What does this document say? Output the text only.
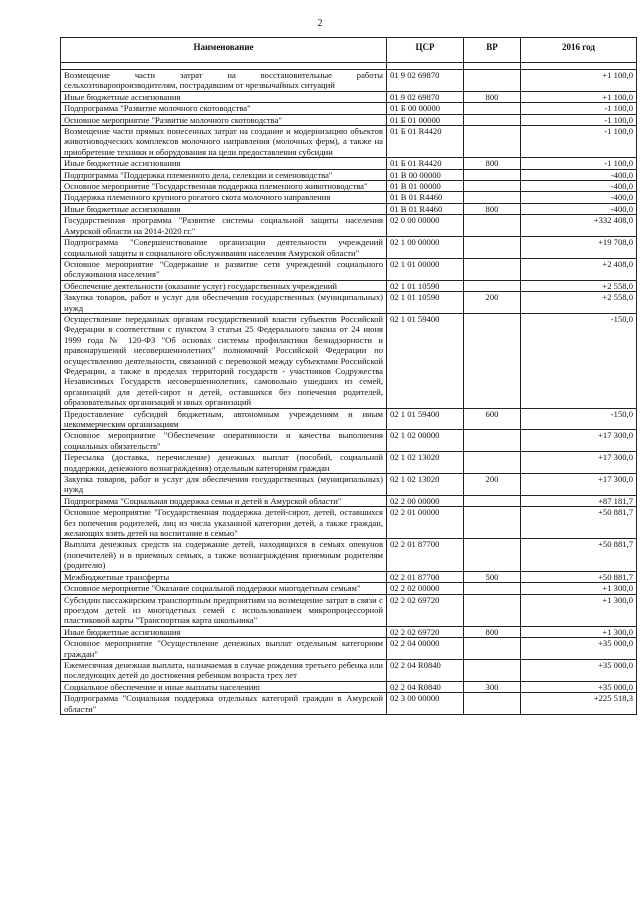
2
Наименование	ЦСР	ВР	2016 год

Возмещение части затрат на восстановительные работы сельхозтоваропроизводителям, пострадавшим от чрезвычайных ситуаций	01 9 02 69870		+1 100,0
Иные бюджетные ассигнования	01 9 02 69870	800	+1 100,0
Подпрограмма "Развитие молочного скотоводства"	01 Б 00 00000		-1 100,0
Основное мероприятие "Развитие молочного скотоводства"	01 Б 01 00000		-1 100,0
Возмещение части прямых понесенных затрат на создание и модернизацию объектов животноводческих комплексов молочного направления (молочных ферм), а также на приобретение техники и оборудования на цели предоставления субсидии	01 Б 01 R4420		-1 100,0
Иные бюджетные ассигнования	01 Б 01 R4420	800	-1 100,0
Подпрограмма "Поддержка племенного дела, селекции и семеноводства"	01 В 00 00000		-400,0
Основное мероприятие "Государственная поддержка племенного животноводства"	01 В 01 00000		-400,0
Поддержка племенного крупного рогатого скота молочного направления	01 В 01 R4460		-400,0
Иные бюджетные ассигнования	01 В 01 R4460	800	-400,0
Государственная программа "Развитие системы социальной защиты населения Амурской области на 2014-2020 гг."	02 0 00 00000		+332 408,0
Подпрограмма "Совершенствование организации деятельности учреждений социальной защиты и социального обслуживания населения Амурской области"	02 1 00 00000		+19 708,0
Основное мероприятие "Содержание и развитие сети учреждений социального обслуживания населения"	02 1 01 00000		+2 408,0
Обеспечение деятельности (оказание услуг) государственных учреждений	02 1 01 10590		+2 558,0
Закупка товаров, работ и услуг для обеспечения государственных (муниципальных) нужд	02 1 01 10590	200	+2 558,0
Осуществление переданных органам государственной власти субъектов Российской Федерации в соответствии с пунктом 3 статьи 25 Федерального закона от 24 июня 1999 года № 120-ФЗ "Об основах системы профилактики безнадзорности и правонарушений несовершеннолетних" полномочий Российской Федерации по осуществлению деятельности, связанной с перевозкой между субъектами Российской Федерации, а также в пределах территорий государств - участников Содружества Независимых Государств несовершеннолетних, самовольно ушедших из семей, организаций для детей-сирот и детей, оставшихся без попечения родителей, образовательных организаций и иных организаций	02 1 01 59400		-150,0
Предоставление субсидий бюджетным, автономным учреждениям и иным некоммерческим организациям	02 1 01 59400	600	-150,0
Основное мероприятие "Обеспечение оперативности и качества выполнения социальных обязательств"	02 1 02 00000		+17 300,0
Пересылка (доставка, перечисление) денежных выплат (пособий, социальной поддержки, денежного вознаграждения) отдельным категориям граждан	02 1 02 13020		+17 300,0
Закупка товаров, работ и услуг для обеспечения государственных (муниципальных) нужд	02 1 02 13020	200	+17 300,0
Подпрограмма "Социальная поддержка семьи и детей в Амурской области"	02 2 00 00000		+87 181,7
Основное мероприятие "Государственная поддержка детей-сирот, детей, оставшихся без попечения родителей, лиц из числа указанной категории детей, а также граждан, желающих взять детей на воспитание в семью"	02 2 01 00000		+50 881,7
Выплата денежных средств на содержание детей, находящихся в семьях опекунов (попечителей) и в приемных семьях, а также вознаграждения приемным родителям (родителю)	02 2 01 87700		+50 881,7
Межбюджетные трансферты	02 2 01 87700	500	+50 881,7
Основное мероприятие "Оказание социальной поддержки многодетным семьям"	02 2 02 00000		+1 300,0
Субсидии пассажирским транспортным предприятиям на возмещение затрат в связи с проездом детей из многодетных семей с использованием микропроцессорной пластиковой карты "Транспортная карта школьника"	02 2 02 69720		+1 300,0
Иные бюджетные ассигнования	02 2 02 69720	800	+1 300,0
Основное мероприятие "Осуществление денежных выплат отдельным категориям граждан"	02 2 04 00000		+35 000,0
Ежемесячная денежная выплата, назначаемая в случае рождения третьего ребенка или последующих детей до достижения ребенком возраста трех лет	02 2 04 R0840		+35 000,0
Социальное обеспечение и иные выплаты населению	02 2 04 R0840	300	+35 000,0
Подпрограмма "Социальная поддержка отдельных категорий граждан в Амурской области"	02 3 00 00000		+225 518,3
